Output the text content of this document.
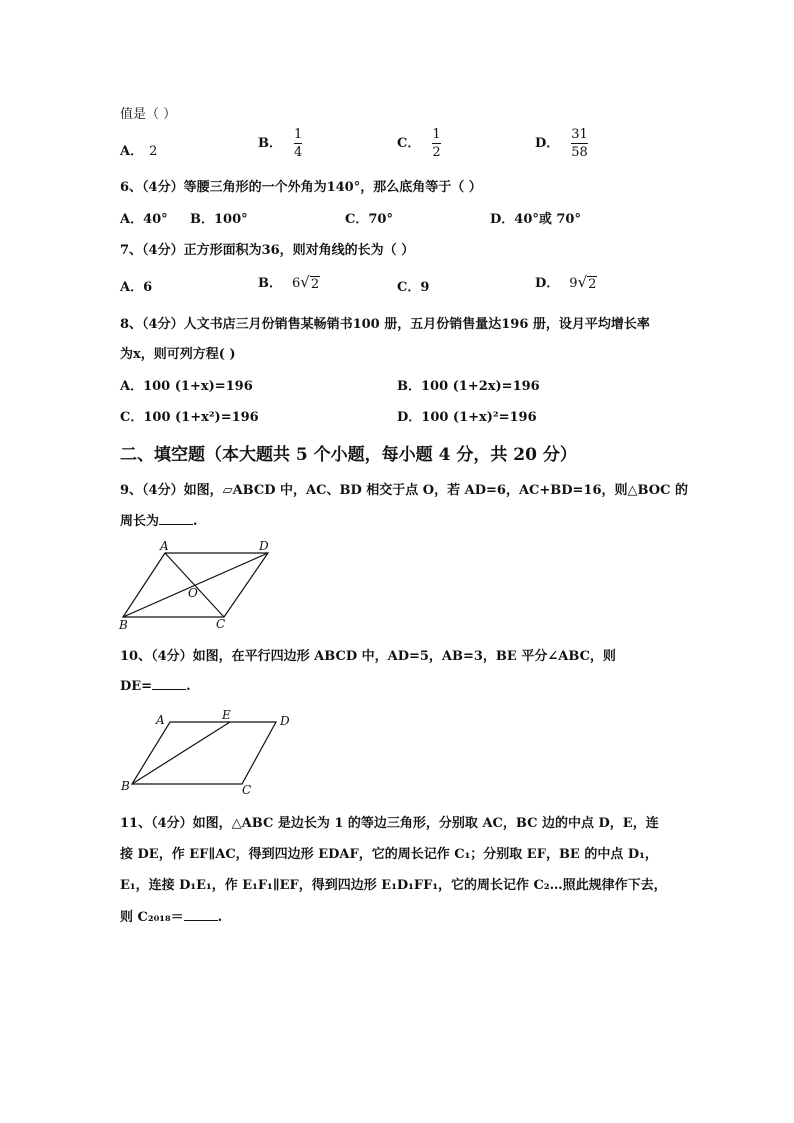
值是（ ）
A． 2
B． $\frac{1}{4}$	C． $\frac{1}{2}$	D． $\frac{31}{58}$
6、（4分）等腰三角形的一个外角为140°，那么底角等于（ ）
A．40° B．100°	C．70°	D．40°或 70°
7、（4分）正方形面积为36，则对角线的长为（ ）
A．6	B． 6 √ 2	C．9	D． 9 √ 2
8、（4分）人文书店三月份销售某畅销书100 册，五月份销售量达196 册，设月平均增长率
为x，则可列方程( )
A．100 (1+x)=196	B．100 (1+2x)=196
C．100 (1+x²)=196	D．100 (1+x)²=196
二、填空题（本大题共 5 个小题，每小题 4 分，共 20 分）
9、（4分）如图，▱ABCD 中，AC、BD 相交于点 O，若 AD=6，AC+BD=16，则△BOC 的
周长为	.
A	D
O
B	C
10、（4分）如图，在平行四边形 ABCD 中，AD=5，AB=3，BE 平分∠ABC，则
DE=	.
A	E	D
B	C
11、（4分）如图，△ABC 是边长为 1 的等边三角形，分别取 AC，BC 边的中点 D，E，连
接 DE，作 EF∥AC，得到四边形 EDAF，它的周长记作 C₁；分别取 EF，BE 的中点 D₁，
E₁，连接 D₁E₁，作 E₁F₁∥EF，得到四边形 E₁D₁FF₁，它的周长记作 C₂…照此规律作下去，
则 C₂₀₁₈＝	.
